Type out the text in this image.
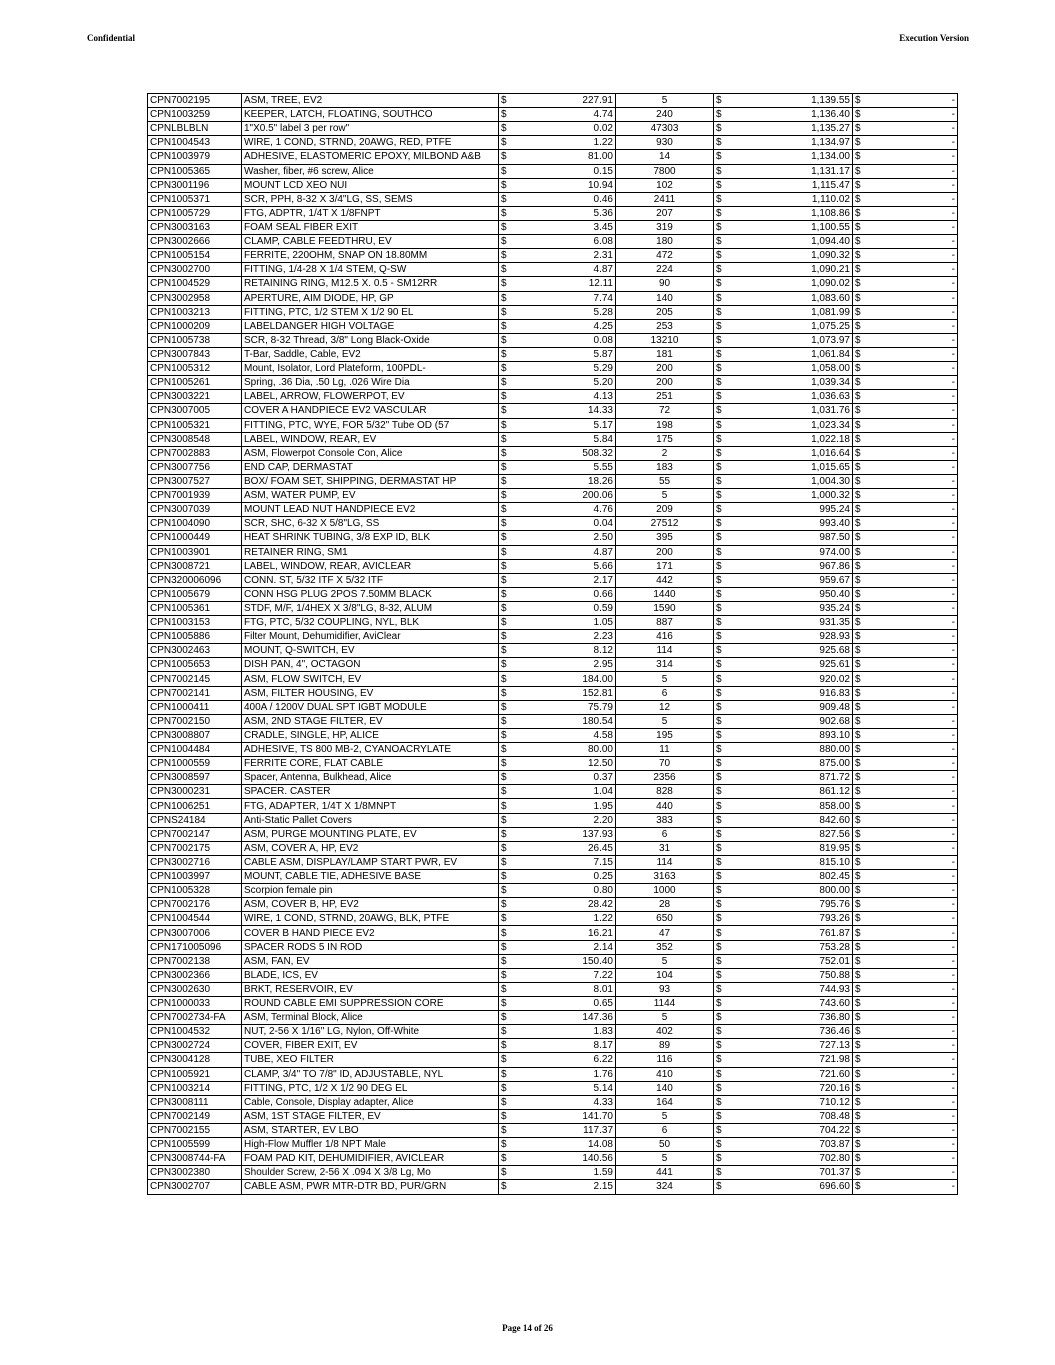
Confidential	Execution Version
CPN7002195	ASM, TREE, EV2	$ 227.91	5	$ 1,139.55	$ -
CPN1003259	KEEPER, LATCH, FLOATING, SOUTHCO	$ 4.74	240	$ 1,136.40	$ -
CPNLBLBLN	1"X0.5" label 3 per row"	$ 0.02	47303	$ 1,135.27	$ -
CPN1004543	WIRE, 1 COND, STRND, 20AWG, RED, PTFE	$ 1.22	930	$ 1,134.97	$ -
CPN1003979	ADHESIVE, ELASTOMERIC EPOXY, MILBOND A&B	$ 81.00	14	$ 1,134.00	$ -
CPN1005365	Washer, fiber, #6 screw, Alice	$ 0.15	7800	$ 1,131.17	$ -
CPN3001196	MOUNT LCD XEO NUI	$ 10.94	102	$ 1,115.47	$ -
CPN1005371	SCR, PPH, 8-32 X 3/4"LG, SS, SEMS	$ 0.46	2411	$ 1,110.02	$ -
CPN1005729	FTG, ADPTR, 1/4T X 1/8FNPT	$ 5.36	207	$ 1,108.86	$ -
CPN3003163	FOAM SEAL FIBER EXIT	$ 3.45	319	$ 1,100.55	$ -
CPN3002666	CLAMP, CABLE FEEDTHRU, EV	$ 6.08	180	$ 1,094.40	$ -
CPN1005154	FERRITE, 220OHM, SNAP ON 18.80MM	$ 2.31	472	$ 1,090.32	$ -
CPN3002700	FITTING, 1/4-28 X 1/4 STEM, Q-SW	$ 4.87	224	$ 1,090.21	$ -
CPN1004529	RETAINING RING, M12.5 X. 0.5 - SM12RR	$ 12.11	90	$ 1,090.02	$ -
CPN3002958	APERTURE, AIM DIODE, HP, GP	$ 7.74	140	$ 1,083.60	$ -
CPN1003213	FITTING, PTC, 1/2 STEM X 1/2 90 EL	$ 5.28	205	$ 1,081.99	$ -
CPN1000209	LABELDANGER HIGH VOLTAGE	$ 4.25	253	$ 1,075.25	$ -
CPN1005738	SCR, 8-32 Thread, 3/8" Long Black-Oxide	$ 0.08	13210	$ 1,073.97	$ -
CPN3007843	T-Bar, Saddle, Cable, EV2	$ 5.87	181	$ 1,061.84	$ -
CPN1005312	Mount, Isolator, Lord Plateform, 100PDL-	$ 5.29	200	$ 1,058.00	$ -
CPN1005261	Spring, .36 Dia, .50 Lg, .026 Wire Dia	$ 5.20	200	$ 1,039.34	$ -
CPN3003221	LABEL, ARROW, FLOWERPOT, EV	$ 4.13	251	$ 1,036.63	$ -
CPN3007005	COVER A HANDPIECE EV2 VASCULAR	$ 14.33	72	$ 1,031.76	$ -
CPN1005321	FITTING, PTC, WYE, FOR 5/32" Tube OD (57	$ 5.17	198	$ 1,023.34	$ -
CPN3008548	LABEL, WINDOW, REAR, EV	$ 5.84	175	$ 1,022.18	$ -
CPN7002883	ASM, Flowerpot Console Con, Alice	$ 508.32	2	$ 1,016.64	$ -
CPN3007756	END CAP, DERMASTAT	$ 5.55	183	$ 1,015.65	$ -
CPN3007527	BOX/ FOAM SET, SHIPPING, DERMASTAT HP	$ 18.26	55	$ 1,004.30	$ -
CPN7001939	ASM, WATER PUMP, EV	$ 200.06	5	$ 1,000.32	$ -
CPN3007039	MOUNT LEAD NUT HANDPIECE EV2	$ 4.76	209	$ 995.24	$ -
CPN1004090	SCR, SHC, 6-32 X 5/8"LG, SS	$ 0.04	27512	$ 993.40	$ -
CPN1000449	HEAT SHRINK TUBING, 3/8 EXP ID, BLK	$ 2.50	395	$ 987.50	$ -
CPN1003901	RETAINER RING, SM1	$ 4.87	200	$ 974.00	$ -
CPN3008721	LABEL, WINDOW, REAR, AVICLEAR	$ 5.66	171	$ 967.86	$ -
CPN320006096	CONN. ST, 5/32 ITF X 5/32 ITF	$ 2.17	442	$ 959.67	$ -
CPN1005679	CONN HSG PLUG 2POS 7.50MM BLACK	$ 0.66	1440	$ 950.40	$ -
CPN1005361	STDF, M/F, 1/4HEX X 3/8"LG, 8-32, ALUM	$ 0.59	1590	$ 935.24	$ -
CPN1003153	FTG, PTC, 5/32 COUPLING, NYL, BLK	$ 1.05	887	$ 931.35	$ -
CPN1005886	Filter Mount, Dehumidifier, AviClear	$ 2.23	416	$ 928.93	$ -
CPN3002463	MOUNT, Q-SWITCH, EV	$ 8.12	114	$ 925.68	$ -
CPN1005653	DISH PAN, 4", OCTAGON	$ 2.95	314	$ 925.61	$ -
CPN7002145	ASM, FLOW SWITCH, EV	$ 184.00	5	$ 920.02	$ -
CPN7002141	ASM, FILTER HOUSING, EV	$ 152.81	6	$ 916.83	$ -
CPN1000411	400A / 1200V DUAL SPT IGBT MODULE	$ 75.79	12	$ 909.48	$ -
CPN7002150	ASM, 2ND STAGE FILTER, EV	$ 180.54	5	$ 902.68	$ -
CPN3008807	CRADLE, SINGLE, HP, ALICE	$ 4.58	195	$ 893.10	$ -
CPN1004484	ADHESIVE, TS 800 MB-2, CYANOACRYLATE	$ 80.00	11	$ 880.00	$ -
CPN1000559	FERRITE CORE, FLAT CABLE	$ 12.50	70	$ 875.00	$ -
CPN3008597	Spacer, Antenna, Bulkhead, Alice	$ 0.37	2356	$ 871.72	$ -
CPN3000231	SPACER. CASTER	$ 1.04	828	$ 861.12	$ -
CPN1006251	FTG, ADAPTER, 1/4T X 1/8MNPT	$ 1.95	440	$ 858.00	$ -
CPNS24184	Anti-Static Pallet Covers	$ 2.20	383	$ 842.60	$ -
CPN7002147	ASM, PURGE MOUNTING PLATE, EV	$ 137.93	6	$ 827.56	$ -
CPN7002175	ASM, COVER A, HP, EV2	$ 26.45	31	$ 819.95	$ -
CPN3002716	CABLE ASM, DISPLAY/LAMP START PWR, EV	$ 7.15	114	$ 815.10	$ -
CPN1003997	MOUNT, CABLE TIE, ADHESIVE BASE	$ 0.25	3163	$ 802.45	$ -
CPN1005328	Scorpion female pin	$ 0.80	1000	$ 800.00	$ -
CPN7002176	ASM, COVER B, HP, EV2	$ 28.42	28	$ 795.76	$ -
CPN1004544	WIRE, 1 COND, STRND, 20AWG, BLK, PTFE	$ 1.22	650	$ 793.26	$ -
CPN3007006	COVER B HAND PIECE EV2	$ 16.21	47	$ 761.87	$ -
CPN171005096	SPACER RODS 5 IN ROD	$ 2.14	352	$ 753.28	$ -
CPN7002138	ASM, FAN, EV	$ 150.40	5	$ 752.01	$ -
CPN3002366	BLADE, ICS, EV	$ 7.22	104	$ 750.88	$ -
CPN3002630	BRKT, RESERVOIR, EV	$ 8.01	93	$ 744.93	$ -
CPN1000033	ROUND CABLE EMI SUPPRESSION CORE	$ 0.65	1144	$ 743.60	$ -
CPN7002734-FA	ASM, Terminal Block, Alice	$ 147.36	5	$ 736.80	$ -
CPN1004532	NUT, 2-56 X 1/16" LG, Nylon, Off-White	$ 1.83	402	$ 736.46	$ -
CPN3002724	COVER, FIBER EXIT, EV	$ 8.17	89	$ 727.13	$ -
CPN3004128	TUBE, XEO FILTER	$ 6.22	116	$ 721.98	$ -
CPN1005921	CLAMP, 3/4" TO 7/8" ID, ADJUSTABLE, NYL	$ 1.76	410	$ 721.60	$ -
CPN1003214	FITTING, PTC, 1/2 X 1/2 90 DEG EL	$ 5.14	140	$ 720.16	$ -
CPN3008111	Cable, Console, Display adapter, Alice	$ 4.33	164	$ 710.12	$ -
CPN7002149	ASM, 1ST STAGE FILTER, EV	$ 141.70	5	$ 708.48	$ -
CPN7002155	ASM, STARTER, EV LBO	$ 117.37	6	$ 704.22	$ -
CPN1005599	High-Flow Muffler 1/8 NPT Male	$ 14.08	50	$ 703.87	$ -
CPN3008744-FA	FOAM PAD KIT, DEHUMIDIFIER, AVICLEAR	$ 140.56	5	$ 702.80	$ -
CPN3002380	Shoulder Screw, 2-56 X .094 X 3/8 Lg, Mo	$ 1.59	441	$ 701.37	$ -
CPN3002707	CABLE ASM, PWR MTR-DTR BD, PUR/GRN	$ 2.15	324	$ 696.60	$ -
Page 14 of 26
